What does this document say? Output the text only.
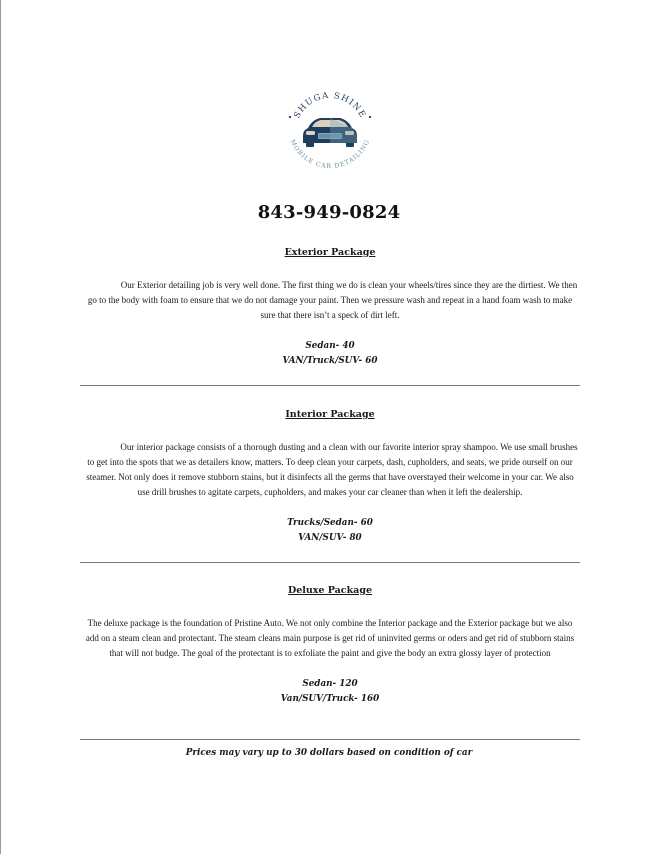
SHUGA SHINE
MOBILE CAR DETAILING
843-949-0824
Exterior Package

Our Exterior detailing job is very well done. The first thing we do is clean your wheels/tires since they are the dirtiest. We then go to the body with foam to ensure that we do not damage your paint. Then we pressure wash and repeat in a hand foam wash to make sure that there isn’t a speck of dirt left.

Sedan- 40
VAN/Truck/SUV- 60
Interior Package

Our interior package consists of a thorough dusting and a clean with our favorite interior spray shampoo. We use small brushes to get into the spots that we as detailers know, matters. To deep clean your carpets, dash, cupholders, and seats, we pride ourself on our steamer. Not only does it remove stubborn stains, but it disinfects all the germs that have overstayed their welcome in your car. We also use drill brushes to agitate carpets, cupholders, and makes your car cleaner than when it left the dealership.

Trucks/Sedan- 60
VAN/SUV- 80
Deluxe Package

The deluxe package is the foundation of Pristine Auto. We not only combine the Interior package and the Exterior package but we also add on a steam clean and protectant. The steam cleans main purpose is get rid of uninvited germs or oders and get rid of stubborn stains that will not budge. The goal of the protectant is to exfoliate the paint and give the body an extra glossy layer of protection

Sedan- 120
Van/SUV/Truck- 160
Prices may vary up to 30 dollars based on condition of car
